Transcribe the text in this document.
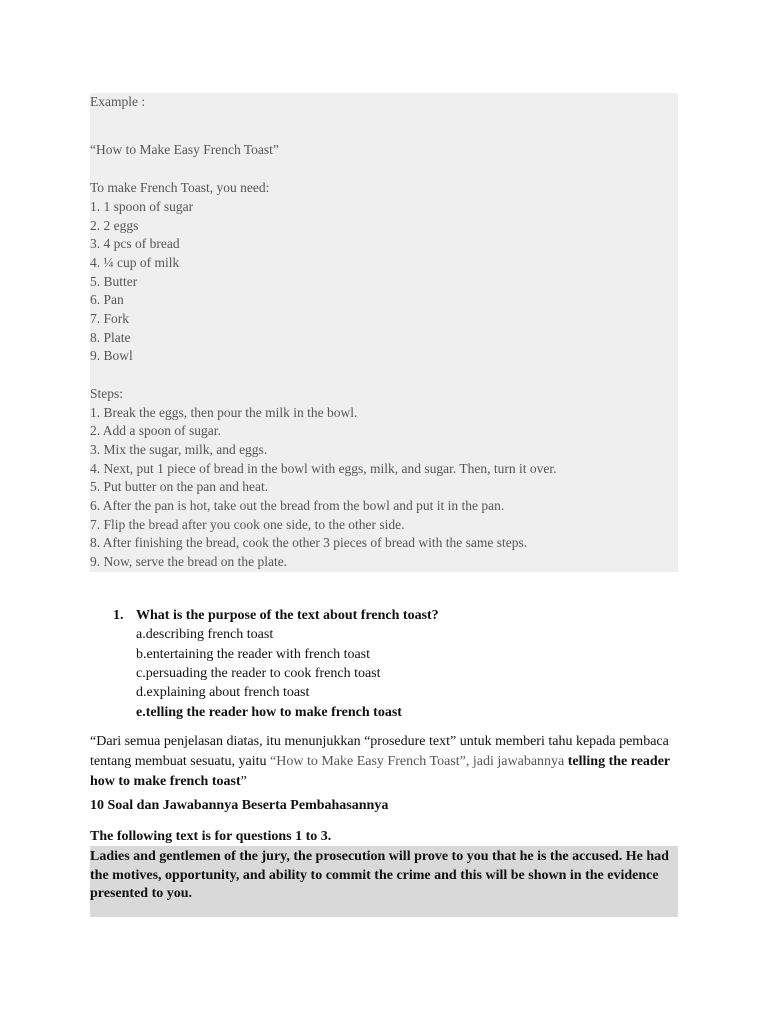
Example :
“How to Make Easy French Toast”
To make French Toast, you need:
1. 1 spoon of sugar
2. 2 eggs
3. 4 pcs of bread
4. ¼ cup of milk
5. Butter
6. Pan
7. Fork
8. Plate
9. Bowl
Steps:
1. Break the eggs, then pour the milk in the bowl.
2. Add a spoon of sugar.
3. Mix the sugar, milk, and eggs.
4. Next, put 1 piece of bread in the bowl with eggs, milk, and sugar. Then, turn it over.
5. Put butter on the pan and heat.
6. After the pan is hot, take out the bread from the bowl and put it in the pan.
7. Flip the bread after you cook one side, to the other side.
8. After finishing the bread, cook the other 3 pieces of bread with the same steps.
9. Now, serve the bread on the plate.
1. What is the purpose of the text about french toast?
a.describing french toast
b.entertaining the reader with french toast
c.persuading the reader to cook french toast
d.explaining about french toast
e.telling the reader how to make french toast
“Dari semua penjelasan diatas, itu menunjukkan “prosedure text” untuk memberi tahu kepada pembaca tentang membuat sesuatu, yaitu “How to Make Easy French Toast”, jadi jawabannya telling the reader how to make french toast”
10 Soal dan Jawabannya Beserta Pembahasannya
Ladies and gentlemen of the jury, the prosecution will prove to you that he is the accused. He had the motives, opportunity, and ability to commit the crime and this will be shown in the evidence presented to you.
The following text is for questions 1 to 3.
